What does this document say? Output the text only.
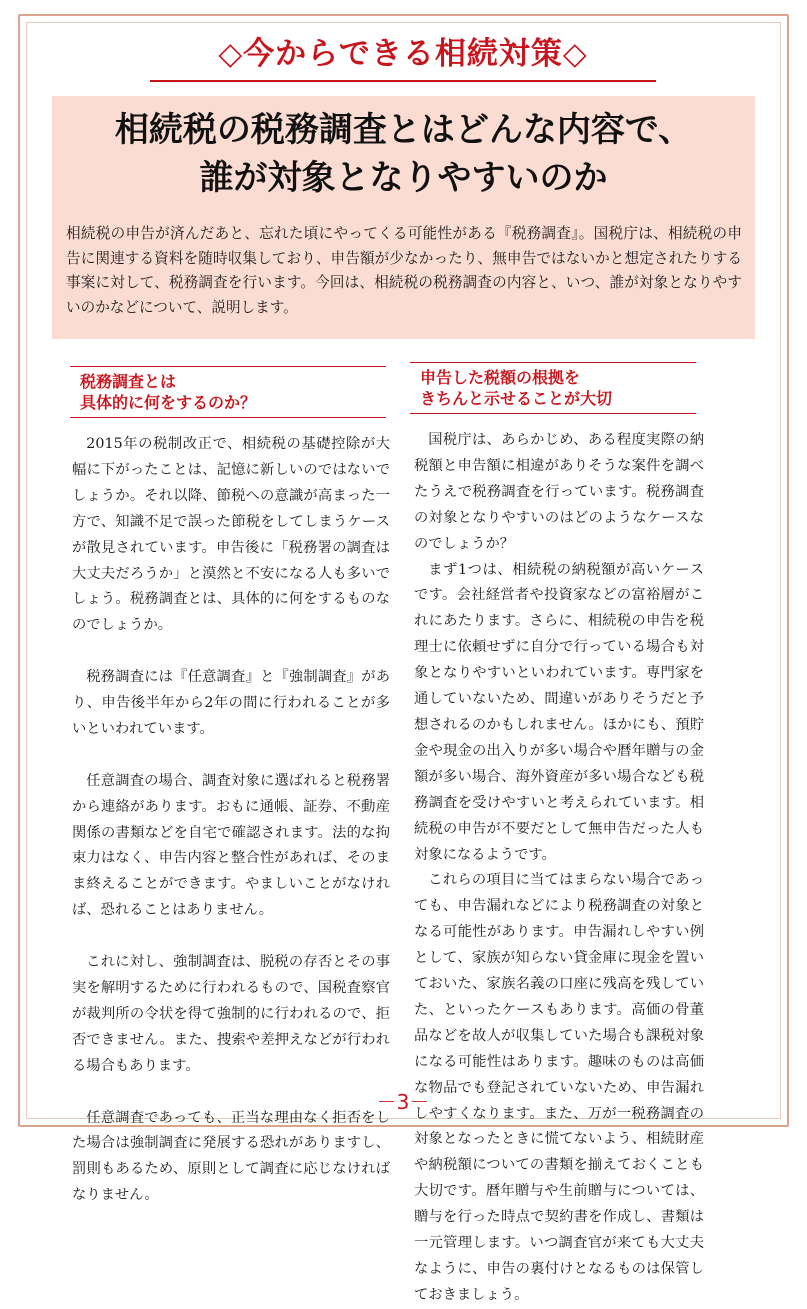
◇今からできる相続対策◇
相続税の税務調査とはどんな内容で、
誰が対象となりやすいのか
相続税の申告が済んだあと、忘れた頃にやってくる可能性がある『税務調査』。国税庁は、相続税の申告に関連する資料を随時収集しており、申告額が少なかったり、無申告ではないかと想定されたりする事案に対して、税務調査を行います。今回は、相続税の税務調査の内容と、いつ、誰が対象となりやすいのかなどについて、説明します。
税務調査とは
具体的に何をするのか？

2015年の税制改正で、相続税の基礎控除が大幅に下がったことは、記憶に新しいのではないでしょうか。それ以降、節税への意識が高まった一方で、知識不足で誤った節税をしてしまうケースが散見されています。申告後に「税務署の調査は大丈夫だろうか」と漠然と不安になる人も多いでしょう。税務調査とは、具体的に何をするものなのでしょうか。

税務調査には『任意調査』と『強制調査』があり、申告後半年から2年の間に行われることが多いといわれています。

任意調査の場合、調査対象に選ばれると税務署から連絡があります。おもに通帳、証券、不動産関係の書類などを自宅で確認されます。法的な拘束力はなく、申告内容と整合性があれば、そのまま終えることができます。やましいことがなければ、恐れることはありません。

これに対し、強制調査は、脱税の存否とその事実を解明するために行われるもので、国税査察官が裁判所の令状を得て強制的に行われるので、拒否できません。また、捜索や差押えなどが行われる場合もあります。

任意調査であっても、正当な理由なく拒否をした場合は強制調査に発展する恐れがありますし、罰則もあるため、原則として調査に応じなければなりません。

申告した税額の根拠を
きちんと示せることが大切

国税庁は、あらかじめ、ある程度実際の納税額と申告額に相違がありそうな案件を調べたうえで税務調査を行っています。税務調査の対象となりやすいのはどのようなケースなのでしょうか？

まず1つは、相続税の納税額が高いケースです。会社経営者や投資家などの富裕層がこれにあたります。さらに、相続税の申告を税理士に依頼せずに自分で行っている場合も対象となりやすいといわれています。専門家を通していないため、間違いがありそうだと予想されるのかもしれません。ほかにも、預貯金や現金の出入りが多い場合や暦年贈与の金額が多い場合、海外資産が多い場合なども税務調査を受けやすいと考えられています。相続税の申告が不要だとして無申告だった人も対象になるようです。

これらの項目に当てはまらない場合であっても、申告漏れなどにより税務調査の対象となる可能性があります。申告漏れしやすい例として、家族が知らない貸金庫に現金を置いておいた、家族名義の口座に残高を残していた、といったケースもあります。高価の骨董品などを故人が収集していた場合も課税対象になる可能性はあります。趣味のものは高価な物品でも登記されていないため、申告漏れしやすくなります。また、万が一税務調査の対象となったときに慌てないよう、相続財産や納税額についての書類を揃えておくことも大切です。暦年贈与や生前贈与については、贈与を行った時点で契約書を作成し、書類は一元管理します。いつ調査官が来ても大丈夫なように、申告の裏付けとなるものは保管しておきましょう。

－3－
